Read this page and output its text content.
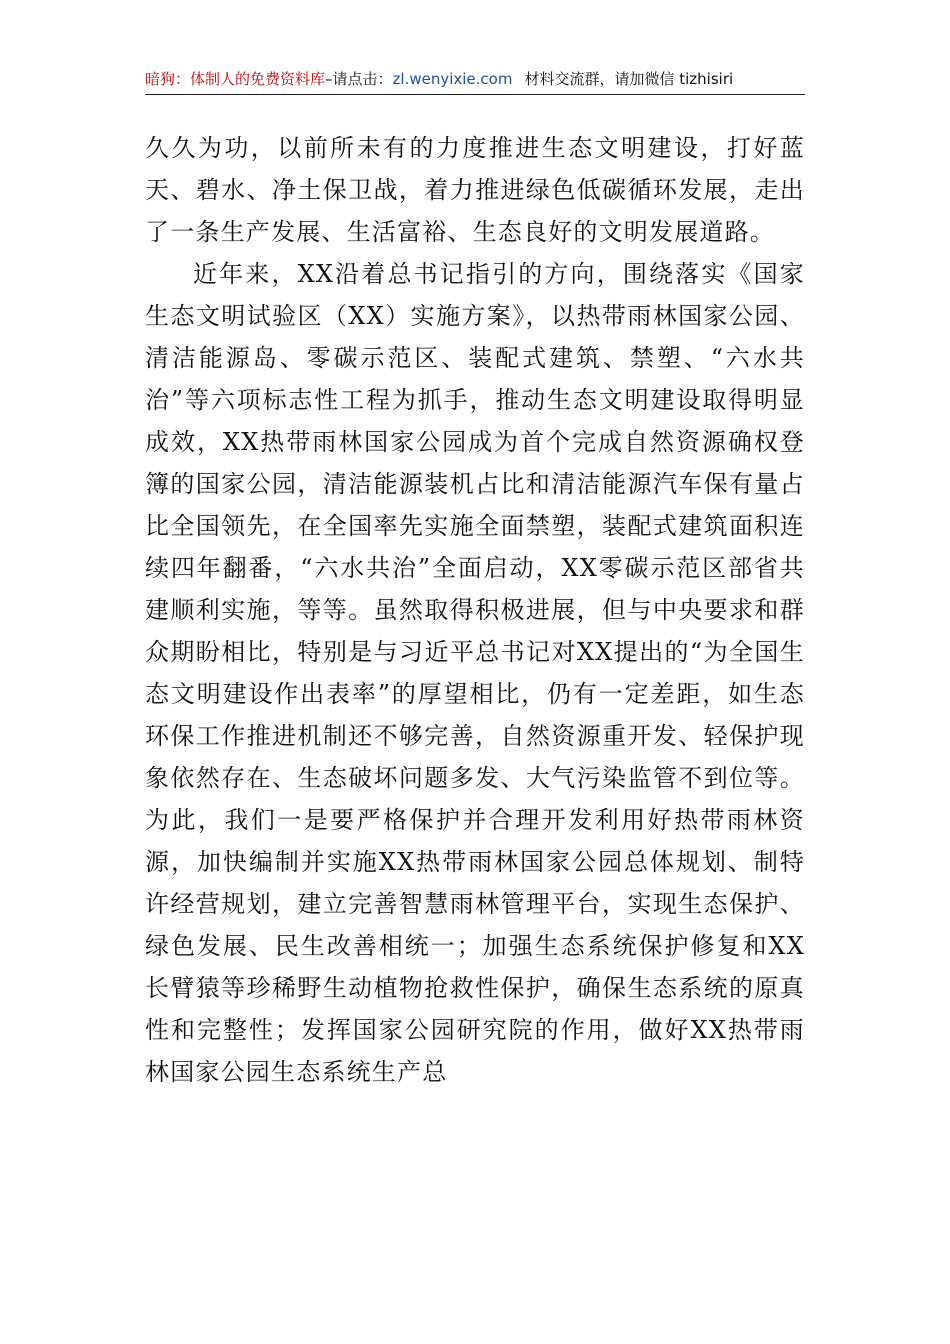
暗狗：体制人的免费资料库–请点击：zl.wenyixie.com 材料交流群，请加微信 tizhisiri

久久为功，以前所未有的力度推进生态文明建设，打好蓝天、碧水、净土保卫战，着力推进绿色低碳循环发展，走出了一条生产发展、生活富裕、生态良好的文明发展道路。

近年来，XX沿着总书记指引的方向，围绕落实《国家生态文明试验区（XX）实施方案》，以热带雨林国家公园、清洁能源岛、零碳示范区、装配式建筑、禁塑、“六水共治”等六项标志性工程为抓手，推动生态文明建设取得明显成效，XX热带雨林国家公园成为首个完成自然资源确权登簿的国家公园，清洁能源装机占比和清洁能源汽车保有量占比全国领先，在全国率先实施全面禁塑，装配式建筑面积连续四年翻番，“六水共治”全面启动，XX零碳示范区部省共建顺利实施，等等。虽然取得积极进展，但与中央要求和群众期盼相比，特别是与习近平总书记对XX提出的“为全国生态文明建设作出表率”的厚望相比，仍有一定差距，如生态环保工作推进机制还不够完善，自然资源重开发、轻保护现象依然存在、生态破坏问题多发、大气污染监管不到位等。为此，我们一是要严格保护并合理开发利用好热带雨林资源，加快编制并实施XX热带雨林国家公园总体规划、制特许经营规划，建立完善智慧雨林管理平台，实现生态保护、绿色发展、民生改善相统一；加强生态系统保护修复和XX长臂猿等珍稀野生动植物抢救性保护，确保生态系统的原真性和完整性；发挥国家公园研究院的作用，做好XX热带雨林国家公园生态系统生产总
